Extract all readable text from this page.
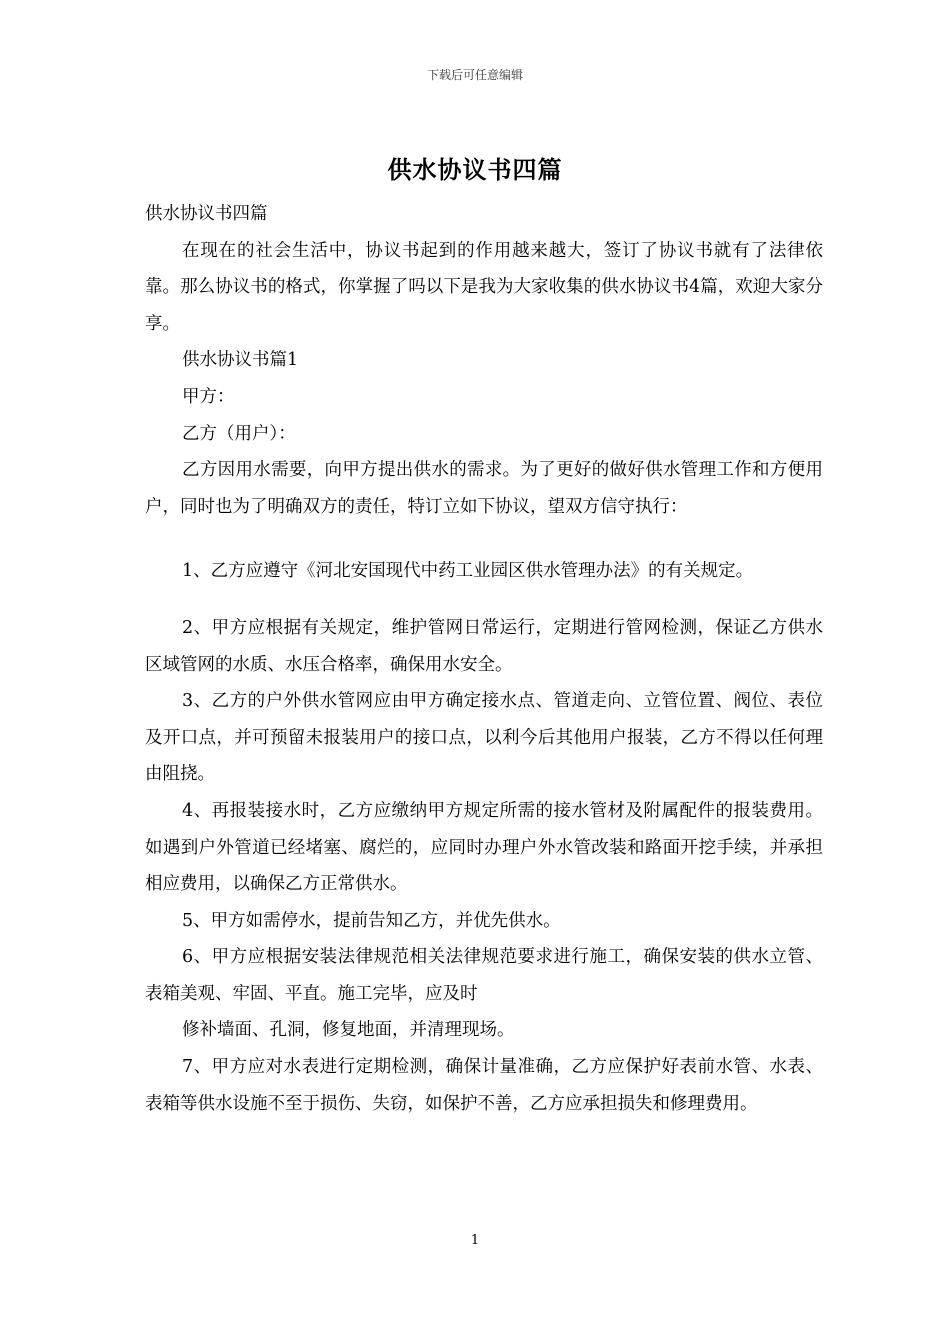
下载后可任意编辑
供水协议书四篇

供水协议书四篇

在现在的社会生活中，协议书起到的作用越来越大，签订了协议书就有了法律依靠。那么协议书的格式，你掌握了吗以下是我为大家收集的供水协议书4篇，欢迎大家分享。

供水协议书篇1

甲方：

乙方（用户）：

乙方因用水需要，向甲方提出供水的需求。为了更好的做好供水管理工作和方便用户，同时也为了明确双方的责任，特订立如下协议，望双方信守执行：

1、乙方应遵守《河北安国现代中药工业园区供水管理办法》的有关规定。

2、甲方应根据有关规定，维护管网日常运行，定期进行管网检测，保证乙方供水区域管网的水质、水压合格率，确保用水安全。

3、乙方的户外供水管网应由甲方确定接水点、管道走向、立管位置、阀位、表位及开口点，并可预留未报装用户的接口点，以利今后其他用户报装，乙方不得以任何理由阻挠。

4、再报装接水时，乙方应缴纳甲方规定所需的接水管材及附属配件的报装费用。如遇到户外管道已经堵塞、腐烂的，应同时办理户外水管改装和路面开挖手续，并承担相应费用，以确保乙方正常供水。

5、甲方如需停水，提前告知乙方，并优先供水。

6、甲方应根据安装法律规范相关法律规范要求进行施工，确保安装的供水立管、表箱美观、牢固、平直。施工完毕，应及时

修补墙面、孔洞，修复地面，并清理现场。

7、甲方应对水表进行定期检测，确保计量准确，乙方应保护好表前水管、水表、表箱等供水设施不至于损伤、失窃，如保护不善，乙方应承担损失和修理费用。

1
